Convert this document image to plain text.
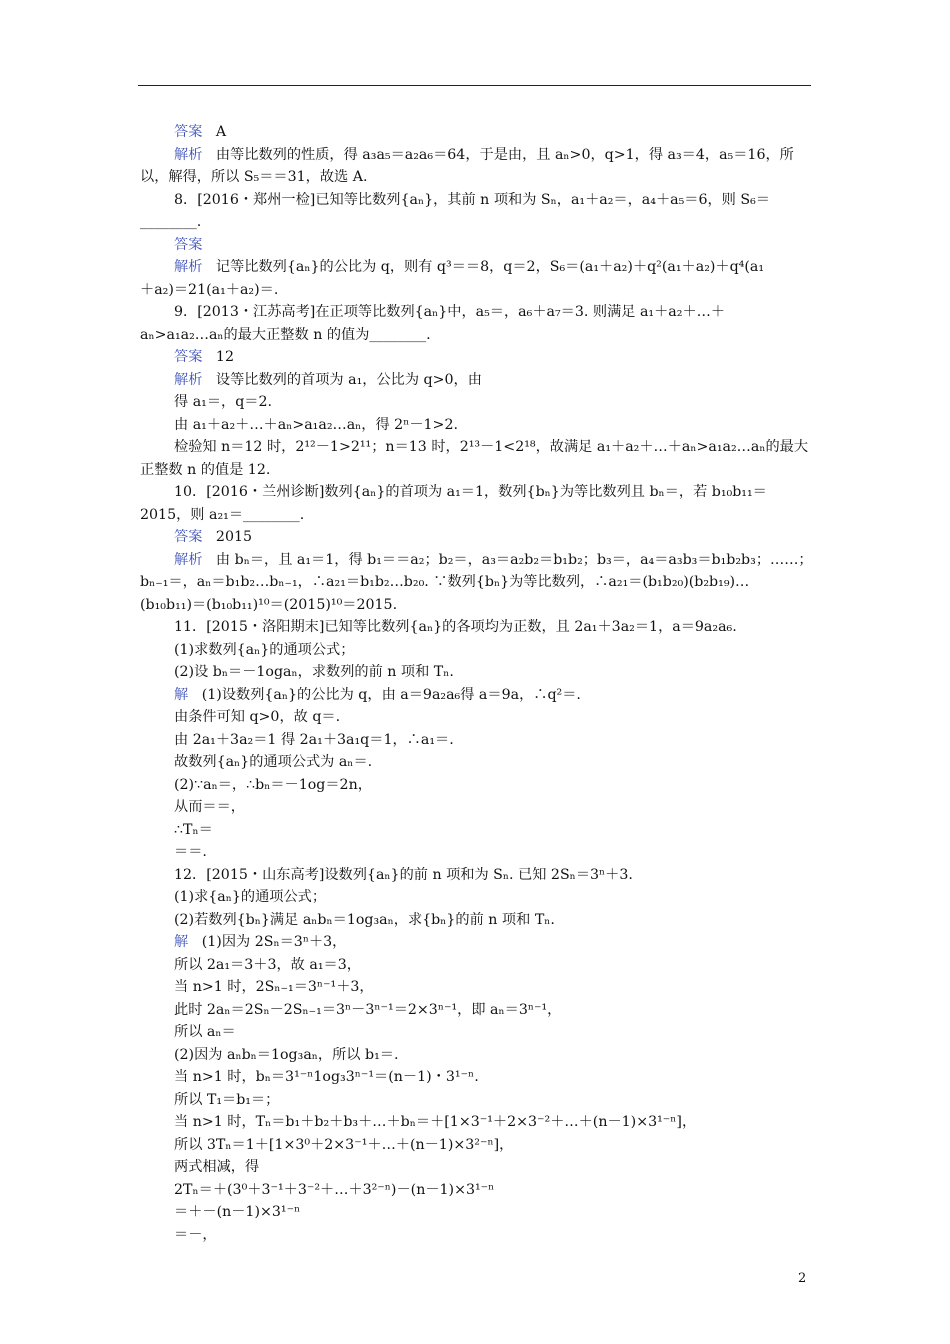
答案 A
解析 由等比数列的性质，得 a₃a₅＝a₂a₆＝64，于是由，且 aₙ>0，q>1，得 a₃＝4，a₅＝16，所
以，解得，所以 S₅＝＝31，故选 A.
8．[2016・郑州一检]已知等比数列{aₙ}，其前 n 项和为 Sₙ，a₁＋a₂＝，a₄＋a₅＝6，则 S₆＝
________.
答案
解析 记等比数列{aₙ}的公比为 q，则有 q³＝＝8，q＝2，S₆＝(a₁＋a₂)＋q²(a₁＋a₂)＋q⁴(a₁
＋a₂)＝21(a₁＋a₂)＝.
9．[2013・江苏高考]在正项等比数列{aₙ}中，a₅＝，a₆＋a₇＝3. 则满足 a₁＋a₂＋…＋
aₙ>a₁a₂…aₙ的最大正整数 n 的值为________.
答案 12
解析 设等比数列的首项为 a₁，公比为 q>0，由
得 a₁＝，q＝2.
由 a₁＋a₂＋…＋aₙ>a₁a₂…aₙ，得 2ⁿ－1>2.
检验知 n＝12 时，2¹²－1>2¹¹；n＝13 时，2¹³－1<2¹⁸，故满足 a₁＋a₂＋…＋aₙ>a₁a₂…aₙ的最大
正整数 n 的值是 12.
10．[2016・兰州诊断]数列{aₙ}的首项为 a₁＝1，数列{bₙ}为等比数列且 bₙ＝，若 b₁₀b₁₁＝
2015，则 a₂₁＝________.
答案 2015
解析 由 bₙ＝，且 a₁＝1，得 b₁＝＝a₂；b₂＝，a₃＝a₂b₂＝b₁b₂；b₃＝，a₄＝a₃b₃＝b₁b₂b₃；……；
bₙ₋₁＝，aₙ＝b₁b₂…bₙ₋₁，∴a₂₁＝b₁b₂…b₂₀. ∵数列{bₙ}为等比数列，∴a₂₁＝(b₁b₂₀)(b₂b₁₉)…
(b₁₀b₁₁)＝(b₁₀b₁₁)¹⁰＝(2015)¹⁰＝2015.
11．[2015・洛阳期末]已知等比数列{aₙ}的各项均为正数，且 2a₁＋3a₂＝1，a＝9a₂a₆.
(1)求数列{aₙ}的通项公式；
(2)设 bₙ＝－1ogaₙ，求数列的前 n 项和 Tₙ.
解 (1)设数列{aₙ}的公比为 q，由 a＝9a₂a₆得 a＝9a，∴q²＝.
由条件可知 q>0，故 q＝.
由 2a₁＋3a₂＝1 得 2a₁＋3a₁q＝1，∴a₁＝.
故数列{aₙ}的通项公式为 aₙ＝.
(2)∵aₙ＝，∴bₙ＝－1og＝2n，
从而＝＝，
∴Tₙ＝
＝＝.
12．[2015・山东高考]设数列{aₙ}的前 n 项和为 Sₙ. 已知 2Sₙ＝3ⁿ＋3.
(1)求{aₙ}的通项公式；
(2)若数列{bₙ}满足 aₙbₙ＝1og₃aₙ，求{bₙ}的前 n 项和 Tₙ.
解 (1)因为 2Sₙ＝3ⁿ＋3，
所以 2a₁＝3＋3，故 a₁＝3，
当 n>1 时，2Sₙ₋₁＝3ⁿ⁻¹＋3，
此时 2aₙ＝2Sₙ－2Sₙ₋₁＝3ⁿ－3ⁿ⁻¹＝2×3ⁿ⁻¹，即 aₙ＝3ⁿ⁻¹，
所以 aₙ＝
(2)因为 aₙbₙ＝1og₃aₙ，所以 b₁＝.
当 n>1 时，bₙ＝3¹⁻ⁿ1og₃3ⁿ⁻¹＝(n－1)・3¹⁻ⁿ.
所以 T₁＝b₁＝；
当 n>1 时，Tₙ＝b₁＋b₂＋b₃＋…＋bₙ＝＋[1×3⁻¹＋2×3⁻²＋…＋(n－1)×3¹⁻ⁿ]，
所以 3Tₙ＝1＋[1×3⁰＋2×3⁻¹＋…＋(n－1)×3²⁻ⁿ]，
两式相减，得
2Tₙ＝＋(3⁰＋3⁻¹＋3⁻²＋…＋3²⁻ⁿ)－(n－1)×3¹⁻ⁿ
＝＋－(n－1)×3¹⁻ⁿ
＝－，
2
